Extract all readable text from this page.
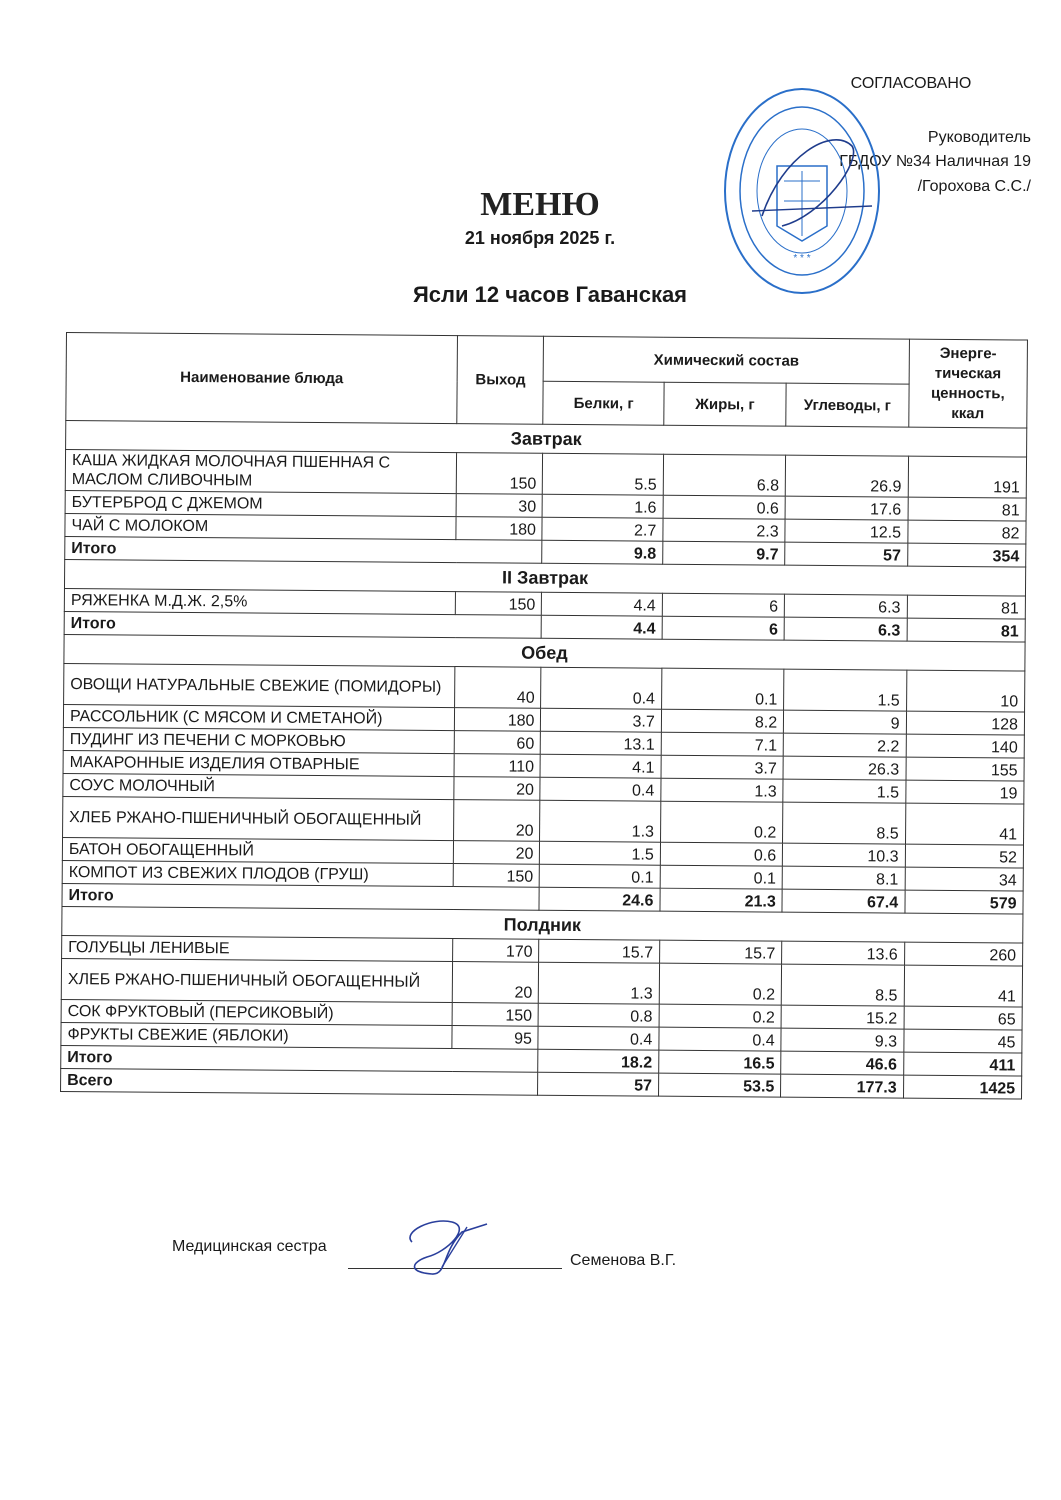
СОГЛАСОВАНО
Руководитель
ГБДОУ №34 Наличная 19
/Горохова С.С./
* * *
МЕНЮ
21 ноября 2025 г.
Ясли 12 часов Гаванская
Наименование блюда	Выход	Химический состав			Энерге- тическая ценность, ккал
		Белки, г	Жиры, г	Углеводы, г	
Завтрак					
КАША ЖИДКАЯ МОЛОЧНАЯ ПШЕННАЯ С МАСЛОМ СЛИВОЧНЫМ	150	5.5	6.8	26.9	191
БУТЕРБРОД С ДЖЕМОМ	30	1.6	0.6	17.6	81
ЧАЙ С МОЛОКОМ	180	2.7	2.3	12.5	82
Итого		9.8	9.7	57	354
II Завтрак					
РЯЖЕНКА М.Д.Ж. 2,5%	150	4.4	6	6.3	81
Итого		4.4	6	6.3	81
Обед					
ОВОЩИ НАТУРАЛЬНЫЕ СВЕЖИЕ (ПОМИДОРЫ)	40	0.4	0.1	1.5	10
РАССОЛЬНИК (С МЯСОМ И СМЕТАНОЙ)	180	3.7	8.2	9	128
ПУДИНГ ИЗ ПЕЧЕНИ С МОРКОВЬЮ	60	13.1	7.1	2.2	140
МАКАРОННЫЕ ИЗДЕЛИЯ ОТВАРНЫЕ	110	4.1	3.7	26.3	155
СОУС МОЛОЧНЫЙ	20	0.4	1.3	1.5	19
ХЛЕБ РЖАНО-ПШЕНИЧНЫЙ ОБОГАЩЕННЫЙ	20	1.3	0.2	8.5	41
БАТОН ОБОГАЩЕННЫЙ	20	1.5	0.6	10.3	52
КОМПОТ ИЗ СВЕЖИХ ПЛОДОВ (ГРУШ)	150	0.1	0.1	8.1	34
Итого		24.6	21.3	67.4	579
Полдник					
ГОЛУБЦЫ ЛЕНИВЫЕ	170	15.7	15.7	13.6	260
ХЛЕБ РЖАНО-ПШЕНИЧНЫЙ ОБОГАЩЕННЫЙ	20	1.3	0.2	8.5	41
СОК ФРУКТОВЫЙ (ПЕРСИКОВЫЙ)	150	0.8	0.2	15.2	65
ФРУКТЫ СВЕЖИЕ (ЯБЛОКИ)	95	0.4	0.4	9.3	45
Итого		18.2	16.5	46.6	411
Всего		57	53.5	177.3	1425
Медицинская сестра
Семенова В.Г.
